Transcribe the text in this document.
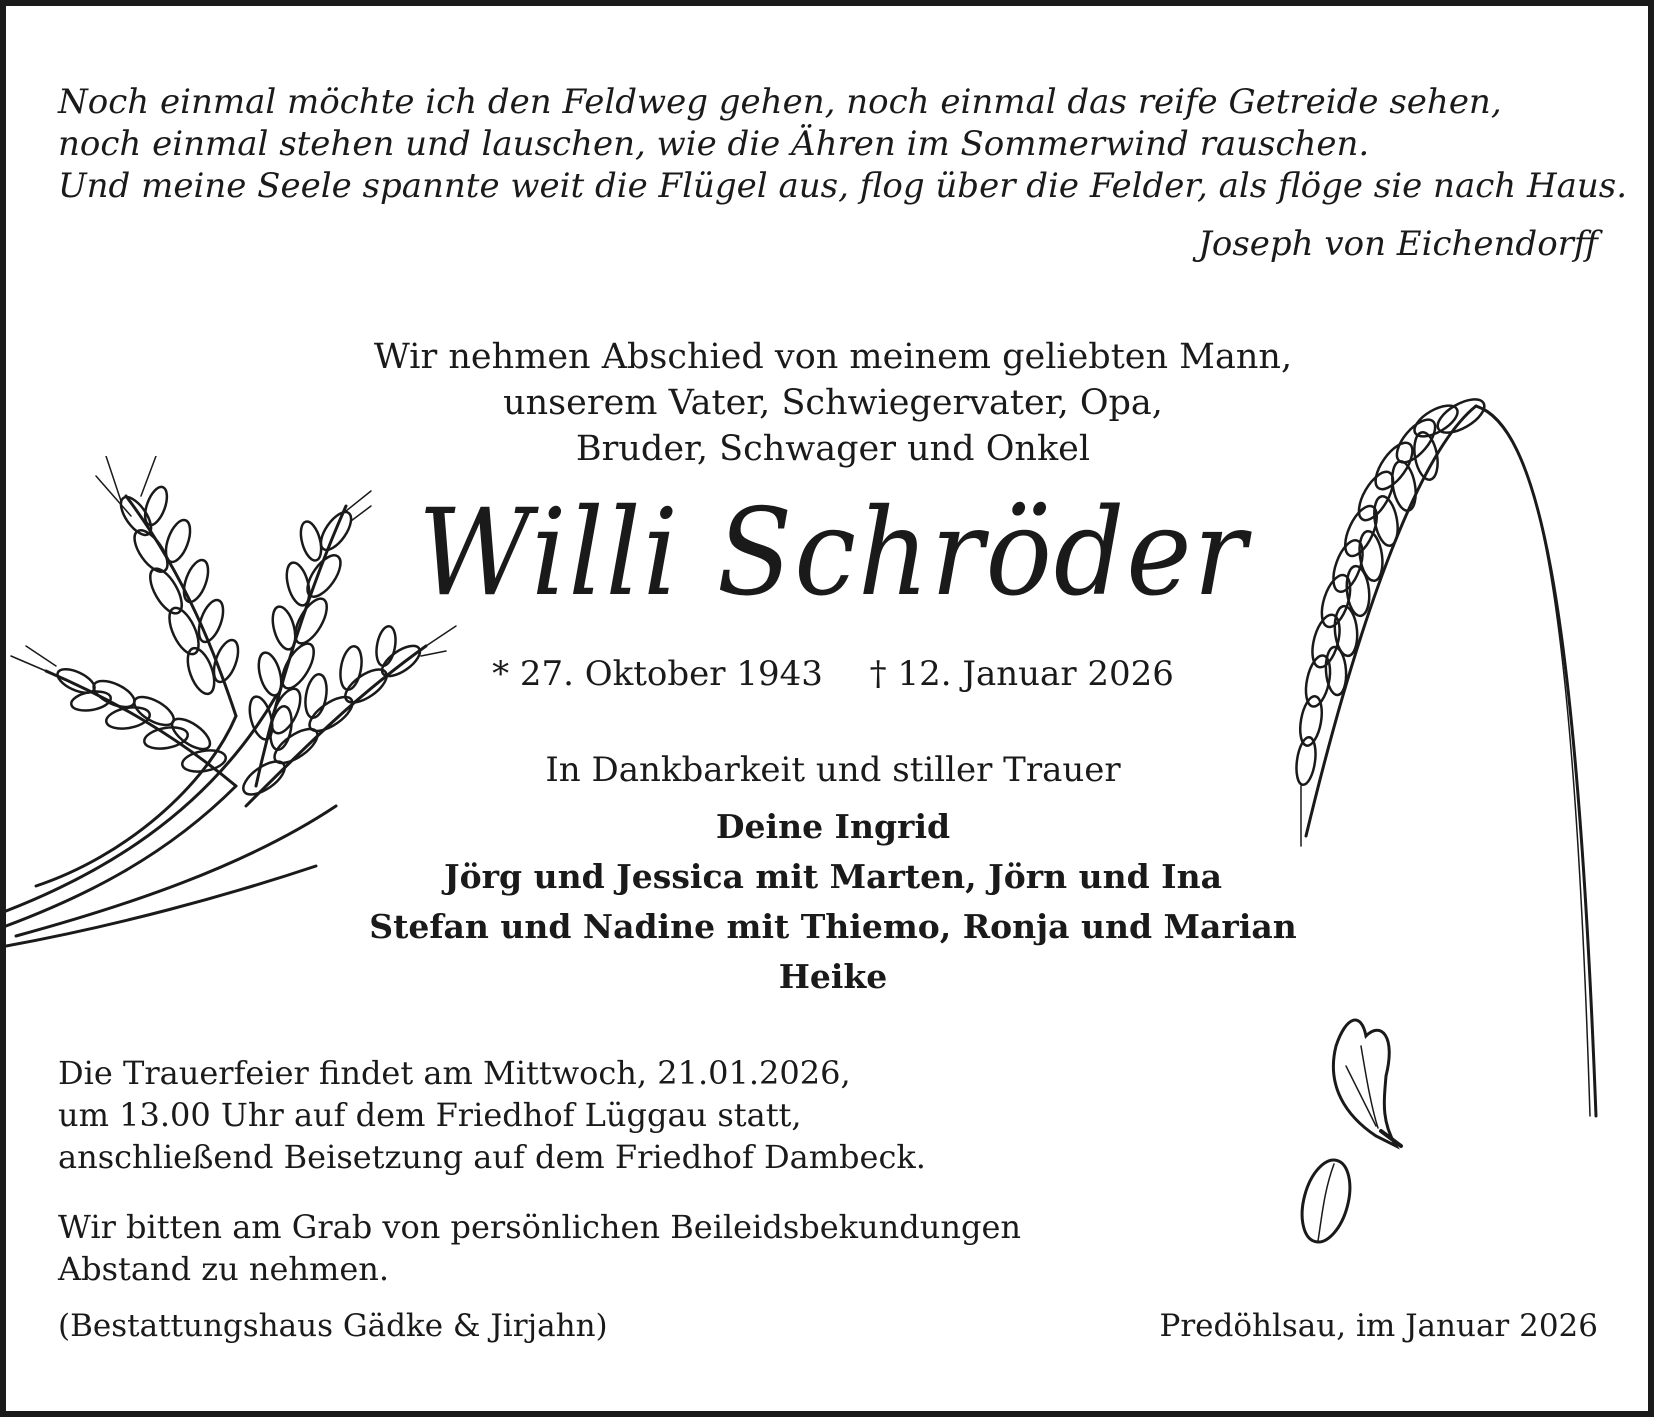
Noch einmal möchte ich den Feldweg gehen, noch einmal das reife Getreide sehen,
noch einmal stehen und lauschen, wie die Ähren im Sommerwind rauschen.
Und meine Seele spannte weit die Flügel aus, flog über die Felder, als flöge sie nach Haus.
Joseph von Eichendorff
Wir nehmen Abschied von meinem geliebten Mann,
unserem Vater, Schwiegervater, Opa,
Bruder, Schwager und Onkel
Willi Schröder
* 27. Oktober 1943 † 12. Januar 2026
In Dankbarkeit und stiller Trauer
Deine Ingrid
Jörg und Jessica mit Marten, Jörn und Ina
Stefan und Nadine mit Thiemo, Ronja und Marian
Heike
Die Trauerfeier findet am Mittwoch, 21.01.2026,
um 13.00 Uhr auf dem Friedhof Lüggau statt,
anschließend Beisetzung auf dem Friedhof Dambeck.
Wir bitten am Grab von persönlichen Beileidsbekundungen
Abstand zu nehmen.
(Bestattungshaus Gädke & Jirjahn)	Predöhlsau, im Januar 2026
